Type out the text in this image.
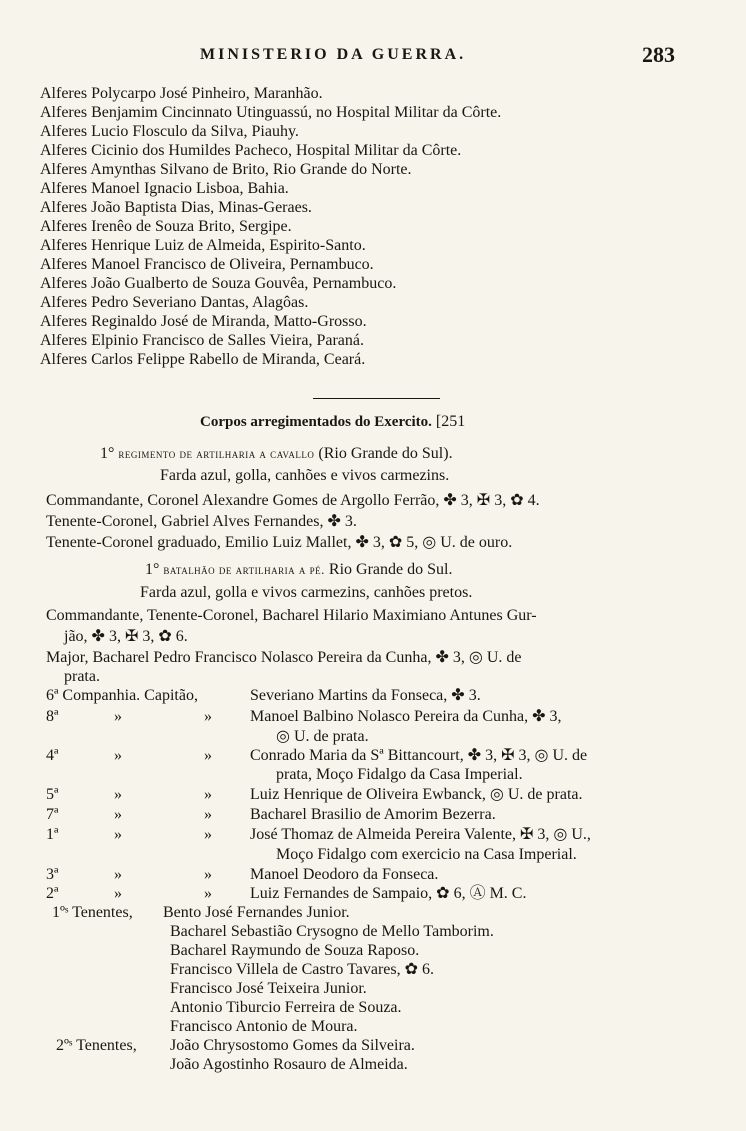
MINISTERIO DA GUERRA.	283
Alferes Polycarpo José Pinheiro, Maranhão.
Alferes Benjamim Cincinnato Utinguassú, no Hospital Militar da Côrte.
Alferes Lucio Flosculo da Silva, Piauhy.
Alferes Cicinio dos Humildes Pacheco, Hospital Militar da Côrte.
Alferes Amynthas Silvano de Brito, Rio Grande do Norte.
Alferes Manoel Ignacio Lisboa, Bahia.
Alferes João Baptista Dias, Minas-Geraes.
Alferes Irenêo de Souza Brito, Sergipe.
Alferes Henrique Luiz de Almeida, Espirito-Santo.
Alferes Manoel Francisco de Oliveira, Pernambuco.
Alferes João Gualberto de Souza Gouvêa, Pernambuco.
Alferes Pedro Severiano Dantas, Alagôas.
Alferes Reginaldo José de Miranda, Matto-Grosso.
Alferes Elpinio Francisco de Salles Vieira, Paraná.
Alferes Carlos Felippe Rabello de Miranda, Ceará.
Corpos arregimentados do Exercito. [251
1° regimento de artilharia a cavallo (Rio Grande do Sul).
Farda azul, golla, canhões e vivos carmezins.
Commandante, Coronel Alexandre Gomes de Argollo Ferrão, ✤ 3, ✠ 3, ✿ 4.
Tenente-Coronel, Gabriel Alves Fernandes, ✤ 3.
Tenente-Coronel graduado, Emilio Luiz Mallet, ✤ 3, ✿ 5, ◎ U. de ouro.
1° batalhão de artilharia a pé. Rio Grande do Sul.
Farda azul, golla e vivos carmezins, canhões pretos.
Commandante, Tenente-Coronel, Bacharel Hilario Maximiano Antunes Gur-
jão, ✤ 3, ✠ 3, ✿ 6.
Major, Bacharel Pedro Francisco Nolasco Pereira da Cunha, ✤ 3, ◎ U. de
prata.
6ª Companhia. Capitão,	Severiano Martins da Fonseca, ✤ 3.
8ª	»	» Manoel Balbino Nolasco Pereira da Cunha, ✤ 3,
◎ U. de prata.
4ª	»	» Conrado Maria da Sª Bittancourt, ✤ 3, ✠ 3, ◎ U. de
prata, Moço Fidalgo da Casa Imperial.
5ª	»	» Luiz Henrique de Oliveira Ewbanck, ◎ U. de prata.
7ª	»	» Bacharel Brasilio de Amorim Bezerra.
1ª	»	» José Thomaz de Almeida Pereira Valente, ✠ 3, ◎ U.,
Moço Fidalgo com exercicio na Casa Imperial.
3ª	»	» Manoel Deodoro da Fonseca.
2ª	»	» Luiz Fernandes de Sampaio, ✿ 6, Ⓐ M. C.
1ºˢ Tenentes, Bento José Fernandes Junior.
Bacharel Sebastião Crysogno de Mello Tamborim.
Bacharel Raymundo de Souza Raposo.
Francisco Villela de Castro Tavares, ✿ 6.
Francisco José Teixeira Junior.
Antonio Tiburcio Ferreira de Souza.
Francisco Antonio de Moura.
2ºˢ Tenentes, João Chrysostomo Gomes da Silveira.
João Agostinho Rosauro de Almeida.
